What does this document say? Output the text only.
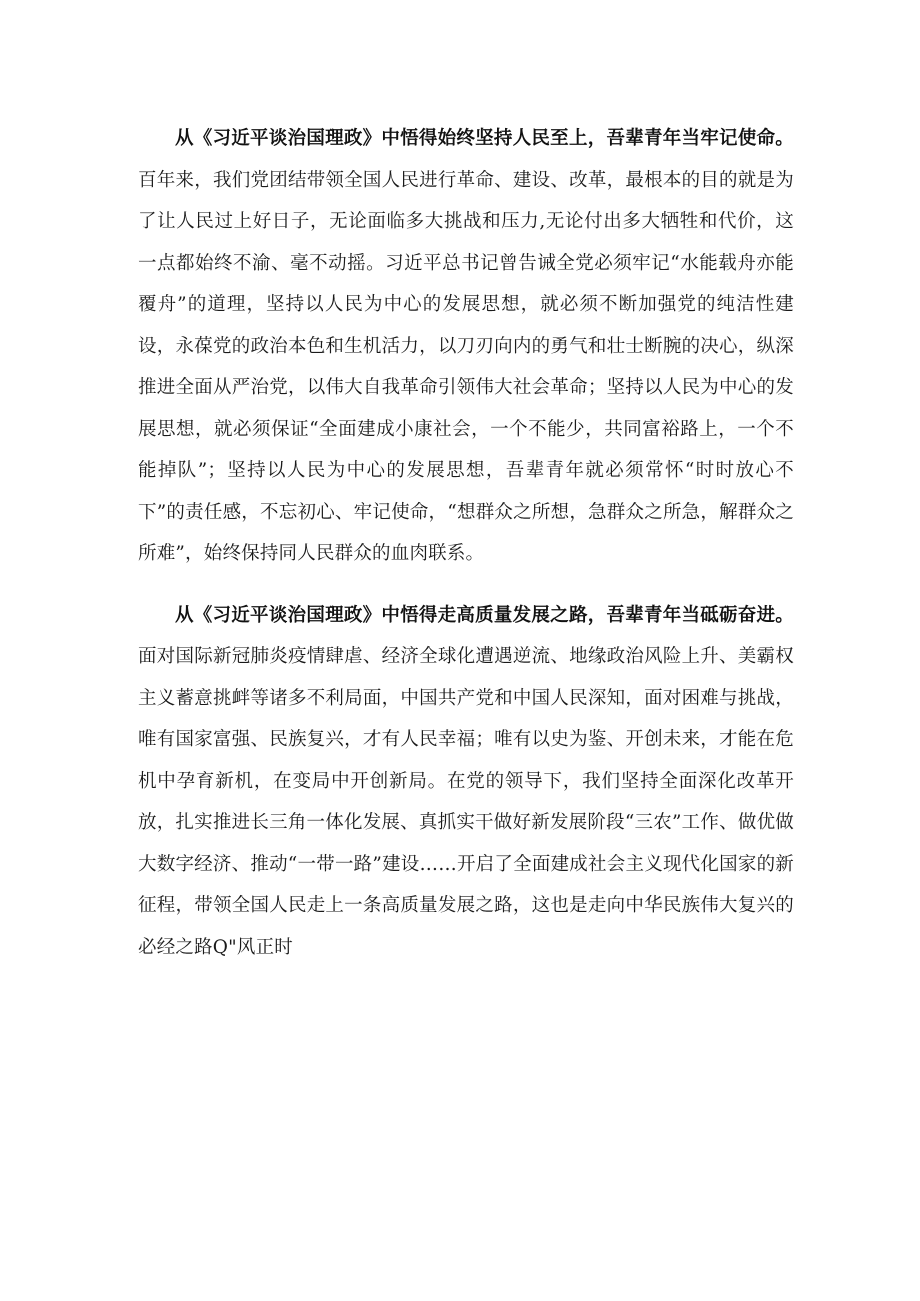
从《习近平谈治国理政》中悟得始终坚持人民至上，吾辈青年当牢记使命。百年来，我们党团结带领全国人民进行革命、建设、改革，最根本的目的就是为了让人民过上好日子，无论面临多大挑战和压力,无论付出多大牺牲和代价，这一点都始终不渝、毫不动摇。习近平总书记曾告诫全党必须牢记“水能载舟亦能覆舟”的道理，坚持以人民为中心的发展思想，就必须不断加强党的纯洁性建设，永葆党的政治本色和生机活力，以刀刃向内的勇气和壮士断腕的决心，纵深推进全面从严治党，以伟大自我革命引领伟大社会革命；坚持以人民为中心的发展思想，就必须保证“全面建成小康社会，一个不能少，共同富裕路上，一个不能掉队”；坚持以人民为中心的发展思想，吾辈青年就必须常怀“时时放心不下”的责任感，不忘初心、牢记使命，“想群众之所想，急群众之所急，解群众之所难”，始终保持同人民群众的血肉联系。

从《习近平谈治国理政》中悟得走高质量发展之路，吾辈青年当砥砺奋进。面对国际新冠肺炎疫情肆虐、经济全球化遭遇逆流、地缘政治风险上升、美霸权主义蓄意挑衅等诸多不利局面，中国共产党和中国人民深知，面对困难与挑战，唯有国家富强、民族复兴，才有人民幸福；唯有以史为鉴、开创未来，才能在危机中孕育新机，在变局中开创新局。在党的领导下，我们坚持全面深化改革开放，扎实推进长三角一体化发展、真抓实干做好新发展阶段“三农”工作、做优做大数字经济、推动“一带一路”建设……开启了全面建成社会主义现代化国家的新征程，带领全国人民走上一条高质量发展之路，这也是走向中华民族伟大复兴的必经之路Q"风正时
